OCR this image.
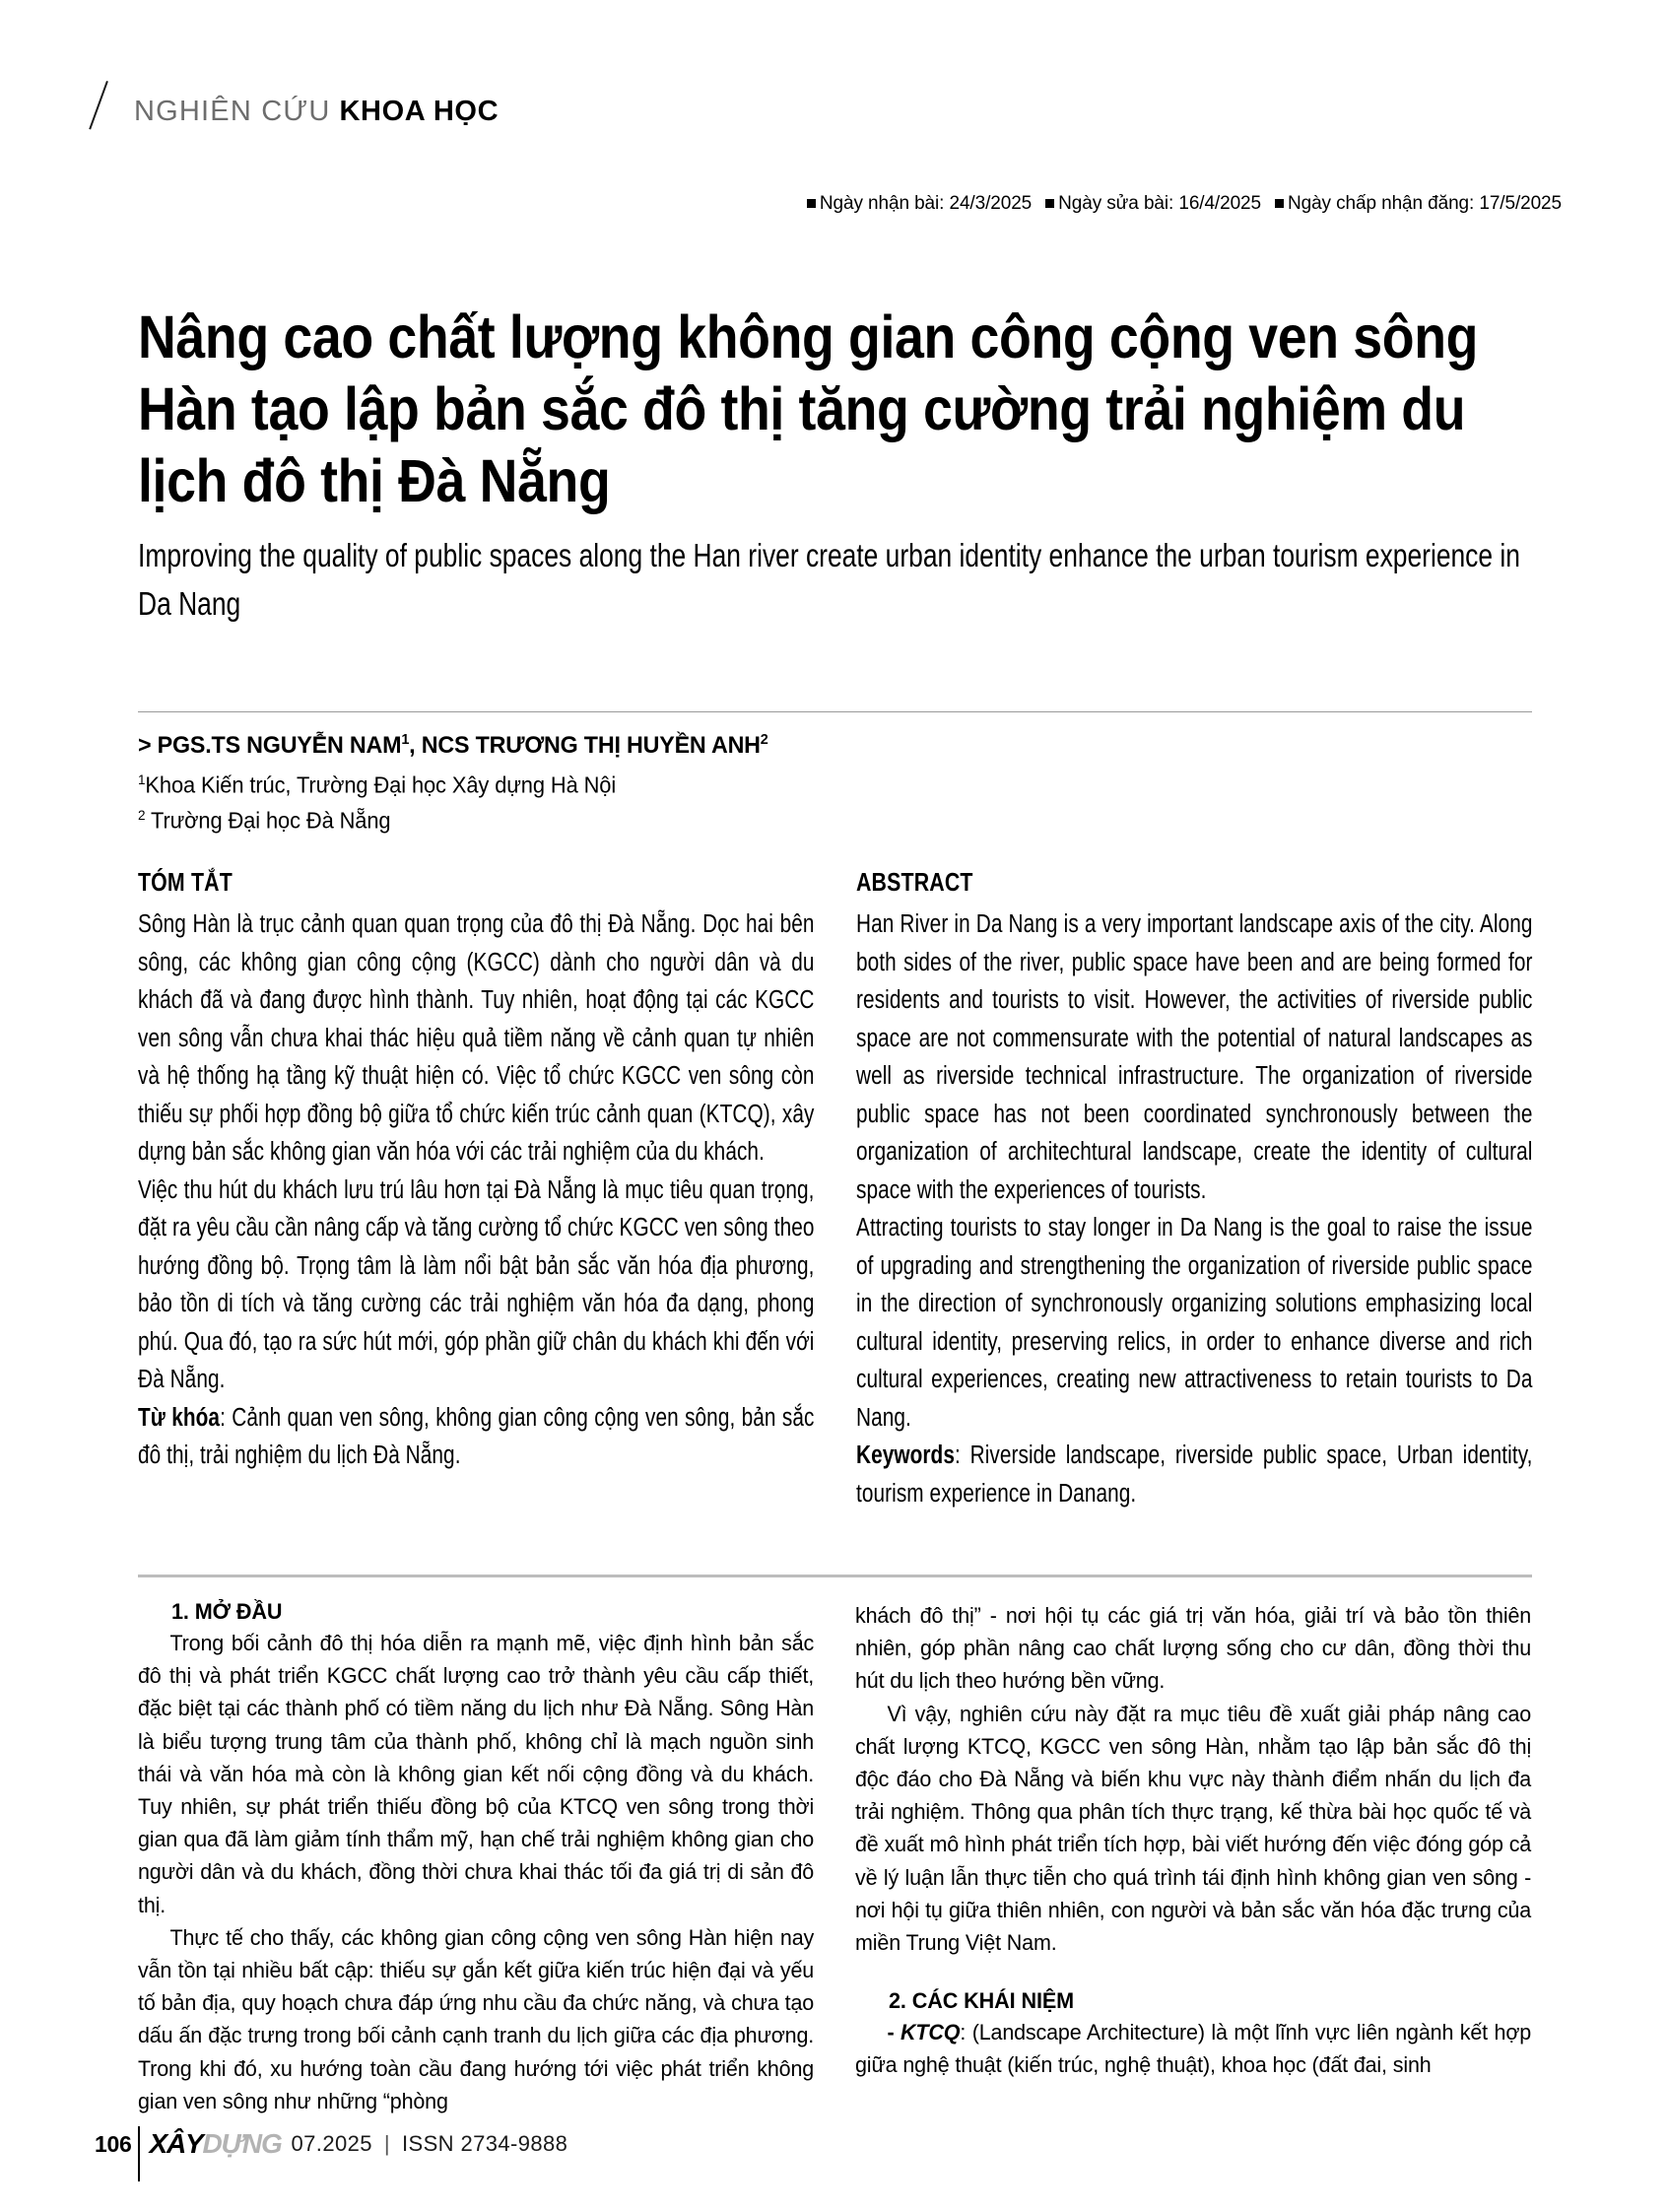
NGHIÊN CỨU KHOA HỌC
Ngày nhận bài: 24/3/2025 Ngày sửa bài: 16/4/2025 Ngày chấp nhận đăng: 17/5/2025
Nâng cao chất lượng không gian công cộng ven sông Hàn tạo lập bản sắc đô thị tăng cường trải nghiệm du lịch đô thị Đà Nẵng
Improving the quality of public spaces along the Han river create urban identity enhance the urban tourism experience in Da Nang
> PGS.TS NGUYỄN NAM$^1$, NCS TRƯƠNG THỊ HUYỀN ANH$^2$
$^1$Khoa Kiến trúc, Trường Đại học Xây dựng Hà Nội
$^2$ Trường Đại học Đà Nẵng
TÓM TẮT

Sông Hàn là trục cảnh quan quan trọng của đô thị Đà Nẵng. Dọc hai bên sông, các không gian công cộng (KGCC) dành cho người dân và du khách đã và đang được hình thành. Tuy nhiên, hoạt động tại các KGCC ven sông vẫn chưa khai thác hiệu quả tiềm năng về cảnh quan tự nhiên và hệ thống hạ tầng kỹ thuật hiện có. Việc tổ chức KGCC ven sông còn thiếu sự phối hợp đồng bộ giữa tổ chức kiến trúc cảnh quan (KTCQ), xây dựng bản sắc không gian văn hóa với các trải nghiệm của du khách.

Việc thu hút du khách lưu trú lâu hơn tại Đà Nẵng là mục tiêu quan trọng, đặt ra yêu cầu cần nâng cấp và tăng cường tổ chức KGCC ven sông theo hướng đồng bộ. Trọng tâm là làm nổi bật bản sắc văn hóa địa phương, bảo tồn di tích và tăng cường các trải nghiệm văn hóa đa dạng, phong phú. Qua đó, tạo ra sức hút mới, góp phần giữ chân du khách khi đến với Đà Nẵng.

Từ khóa: Cảnh quan ven sông, không gian công cộng ven sông, bản sắc đô thị, trải nghiệm du lịch Đà Nẵng.

ABSTRACT

Han River in Da Nang is a very important landscape axis of the city. Along both sides of the river, public space have been and are being formed for residents and tourists to visit. However, the activities of riverside public space are not commensurate with the potential of natural landscapes as well as riverside technical infrastructure. The organization of riverside public space has not been coordinated synchronously between the organization of architechtural landscape, create the identity of cultural space with the experiences of tourists.

Attracting tourists to stay longer in Da Nang is the goal to raise the issue of upgrading and strengthening the organization of riverside public space in the direction of synchronously organizing solutions emphasizing local cultural identity, preserving relics, in order to enhance diverse and rich cultural experiences, creating new attractiveness to retain tourists to Da Nang.

Keywords: Riverside landscape, riverside public space, Urban identity, tourism experience in Danang.

1. MỞ ĐẦU

Trong bối cảnh đô thị hóa diễn ra mạnh mẽ, việc định hình bản sắc đô thị và phát triển KGCC chất lượng cao trở thành yêu cầu cấp thiết, đặc biệt tại các thành phố có tiềm năng du lịch như Đà Nẵng. Sông Hàn là biểu tượng trung tâm của thành phố, không chỉ là mạch nguồn sinh thái và văn hóa mà còn là không gian kết nối cộng đồng và du khách. Tuy nhiên, sự phát triển thiếu đồng bộ của KTCQ ven sông trong thời gian qua đã làm giảm tính thẩm mỹ, hạn chế trải nghiệm không gian cho người dân và du khách, đồng thời chưa khai thác tối đa giá trị di sản đô thị.

Thực tế cho thấy, các không gian công cộng ven sông Hàn hiện nay vẫn tồn tại nhiều bất cập: thiếu sự gắn kết giữa kiến trúc hiện đại và yếu tố bản địa, quy hoạch chưa đáp ứng nhu cầu đa chức năng, và chưa tạo dấu ấn đặc trưng trong bối cảnh cạnh tranh du lịch giữa các địa phương. Trong khi đó, xu hướng toàn cầu đang hướng tới việc phát triển không gian ven sông như những “phòng

khách đô thị” - nơi hội tụ các giá trị văn hóa, giải trí và bảo tồn thiên nhiên, góp phần nâng cao chất lượng sống cho cư dân, đồng thời thu hút du lịch theo hướng bền vững.

Vì vậy, nghiên cứu này đặt ra mục tiêu đề xuất giải pháp nâng cao chất lượng KTCQ, KGCC ven sông Hàn, nhằm tạo lập bản sắc đô thị độc đáo cho Đà Nẵng và biến khu vực này thành điểm nhấn du lịch đa trải nghiệm. Thông qua phân tích thực trạng, kế thừa bài học quốc tế và đề xuất mô hình phát triển tích hợp, bài viết hướng đến việc đóng góp cả về lý luận lẫn thực tiễn cho quá trình tái định hình không gian ven sông - nơi hội tụ giữa thiên nhiên, con người và bản sắc văn hóa đặc trưng của miền Trung Việt Nam.

2. CÁC KHÁI NIỆM

- KTCQ: (Landscape Architecture) là một lĩnh vực liên ngành kết hợp giữa nghệ thuật (kiến trúc, nghệ thuật), khoa học (đất đai, sinh

106 XÂYDỰNG 07.2025 | ISSN 2734-9888
